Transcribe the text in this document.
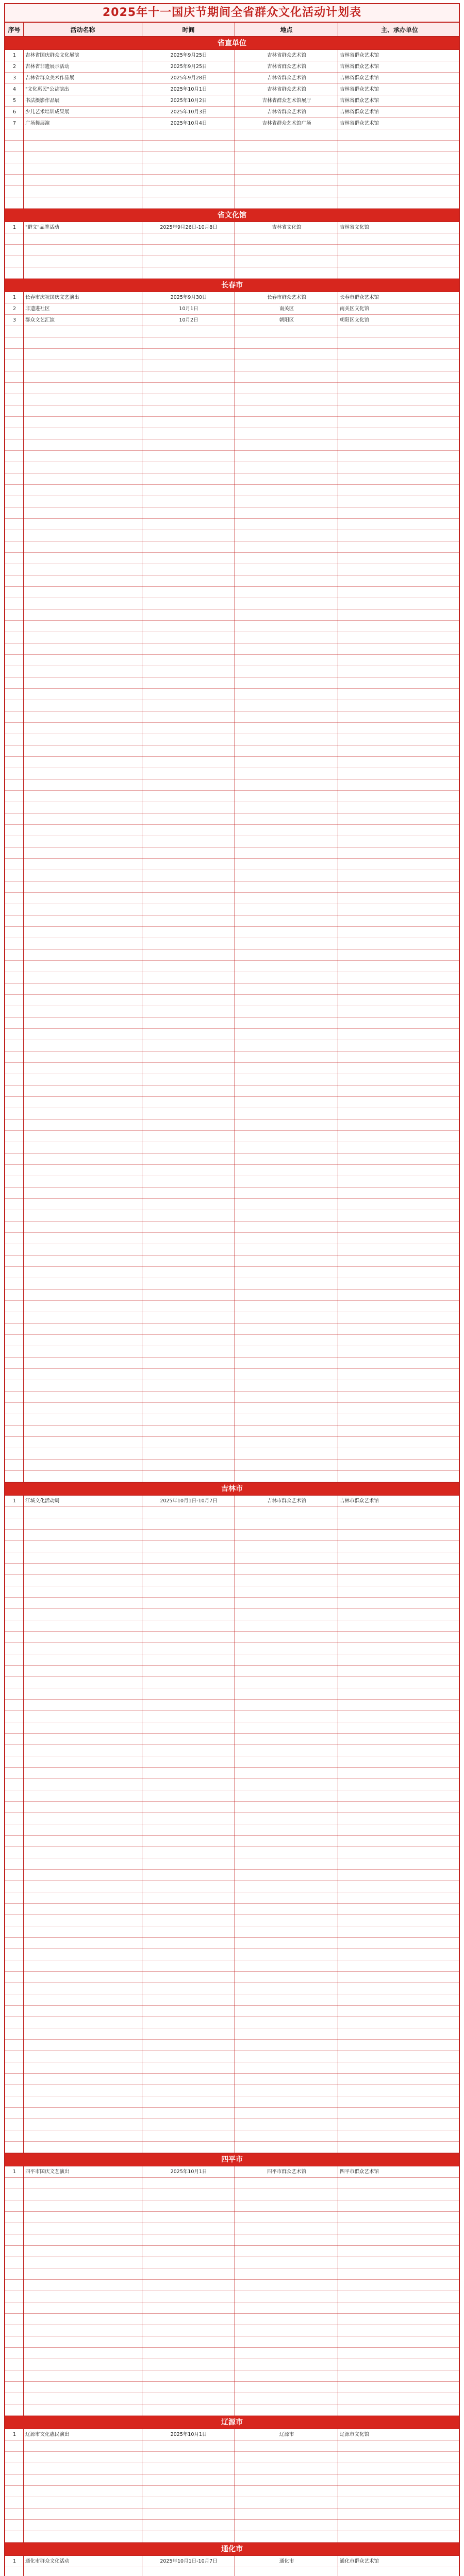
2025年十一国庆节期间全省群众文化活动计划表
序号	活动名称	时间	地点	主、承办单位
省直单位
1	吉林省国庆群众文化展演	2025年9月25日	吉林省群众艺术馆	吉林省群众艺术馆
2	吉林省非遗展示活动	2025年9月25日	吉林省群众艺术馆	吉林省群众艺术馆
3	吉林省群众美术作品展	2025年9月28日	吉林省群众艺术馆	吉林省群众艺术馆
4	"文化惠民"公益演出	2025年10月1日	吉林省群众艺术馆	吉林省群众艺术馆
5	书法摄影作品展	2025年10月2日	吉林省群众艺术馆展厅	吉林省群众艺术馆
6	少儿艺术培训成果展	2025年10月3日	吉林省群众艺术馆	吉林省群众艺术馆
7	广场舞展演	2025年10月4日	吉林省群众艺术馆广场	吉林省群众艺术馆
省文化馆
1	"群文"品牌活动	2025年9月26日-10月8日	吉林省文化馆	吉林省文化馆
长春市
1	长春市庆祝国庆文艺演出	2025年9月30日	长春市群众艺术馆	长春市群众艺术馆
2	非遗进社区	10月1日	南关区	南关区文化馆
3	群众文艺汇演	10月2日	朝阳区	朝阳区文化馆
吉林市
1	江城文化活动周	2025年10月1日-10月7日	吉林市群众艺术馆	吉林市群众艺术馆
四平市
1	四平市国庆文艺演出	2025年10月1日	四平市群众艺术馆	四平市群众艺术馆
辽源市
1	辽源市文化惠民演出	2025年10月1日	辽源市	辽源市文化馆
通化市
1	通化市群众文化活动	2025年10月1日-10月7日	通化市	通化市群众艺术馆
